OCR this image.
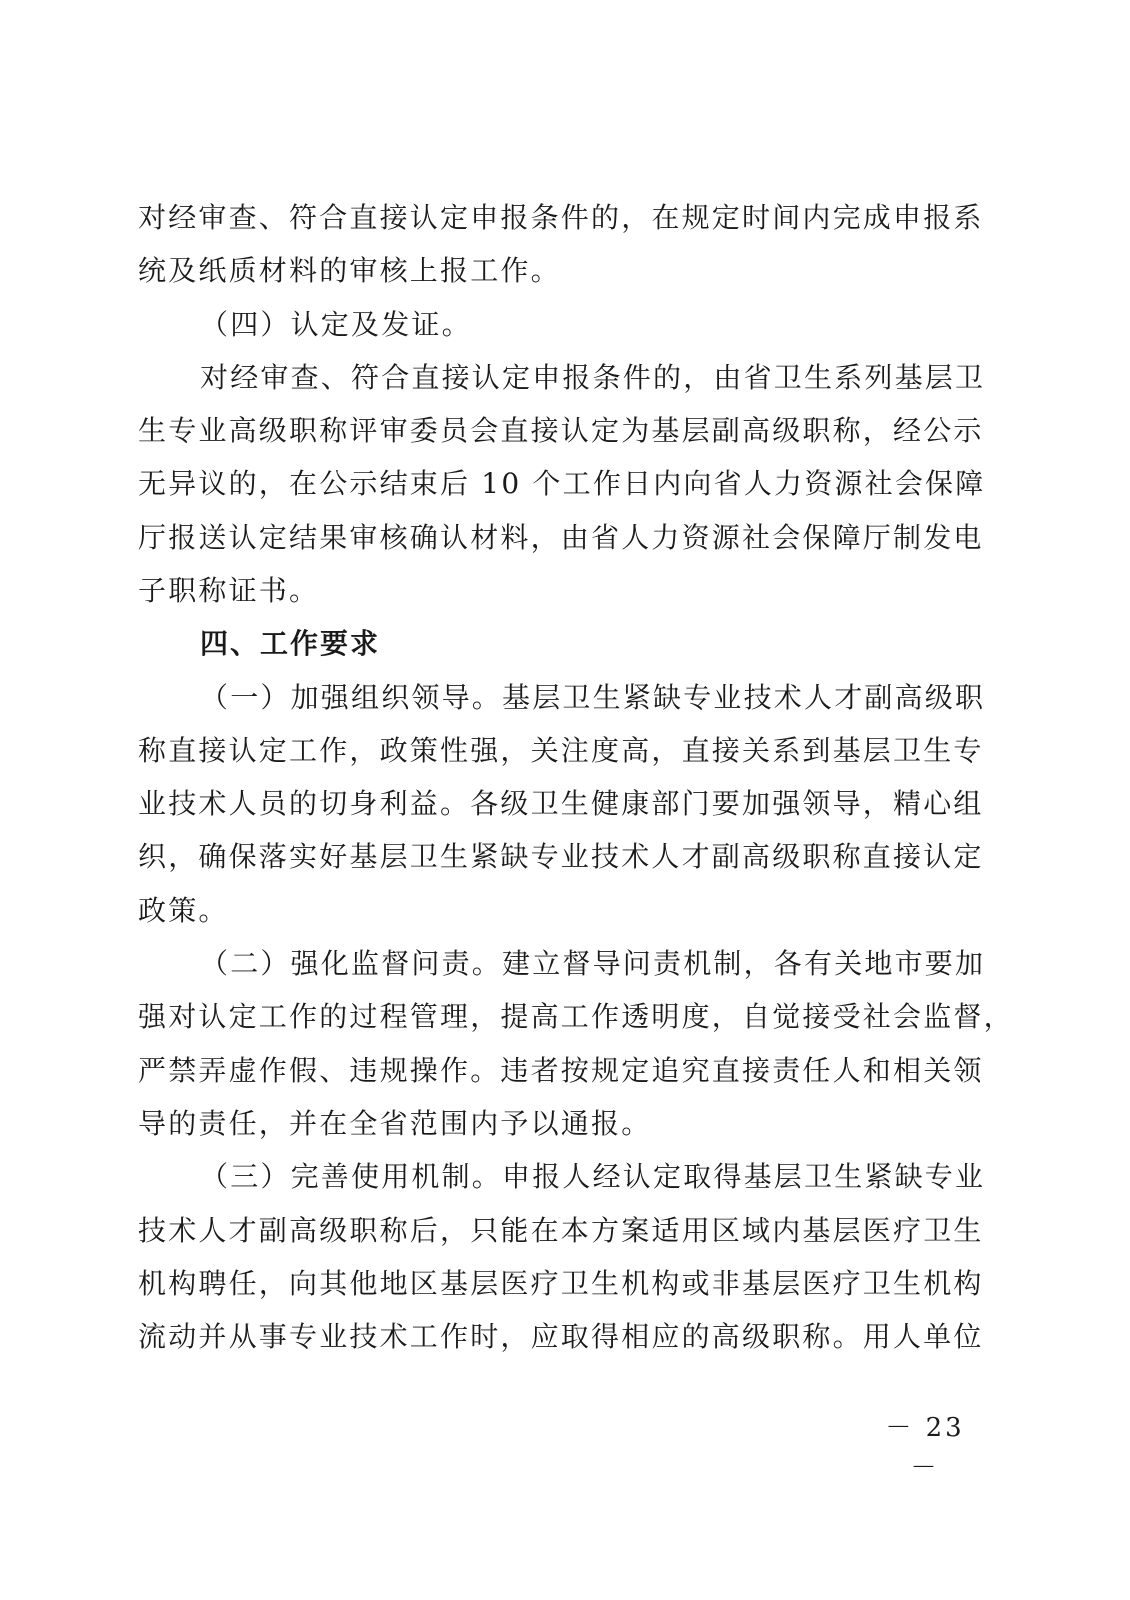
对经审查、符合直接认定申报条件的，在规定时间内完成申报系
统及纸质材料的审核上报工作。
（四）认定及发证。
对经审查、符合直接认定申报条件的，由省卫生系列基层卫
生专业高级职称评审委员会直接认定为基层副高级职称，经公示
无异议的，在公示结束后 10 个工作日内向省人力资源社会保障
厅报送认定结果审核确认材料，由省人力资源社会保障厅制发电
子职称证书。
四、工作要求
（一）加强组织领导。基层卫生紧缺专业技术人才副高级职
称直接认定工作，政策性强，关注度高，直接关系到基层卫生专
业技术人员的切身利益。各级卫生健康部门要加强领导，精心组
织，确保落实好基层卫生紧缺专业技术人才副高级职称直接认定
政策。
（二）强化监督问责。建立督导问责机制，各有关地市要加
强对认定工作的过程管理，提高工作透明度，自觉接受社会监督，
严禁弄虚作假、违规操作。违者按规定追究直接责任人和相关领
导的责任，并在全省范围内予以通报。
（三）完善使用机制。申报人经认定取得基层卫生紧缺专业
技术人才副高级职称后，只能在本方案适用区域内基层医疗卫生
机构聘任，向其他地区基层医疗卫生机构或非基层医疗卫生机构
流动并从事专业技术工作时，应取得相应的高级职称。用人单位
－ 23 －
